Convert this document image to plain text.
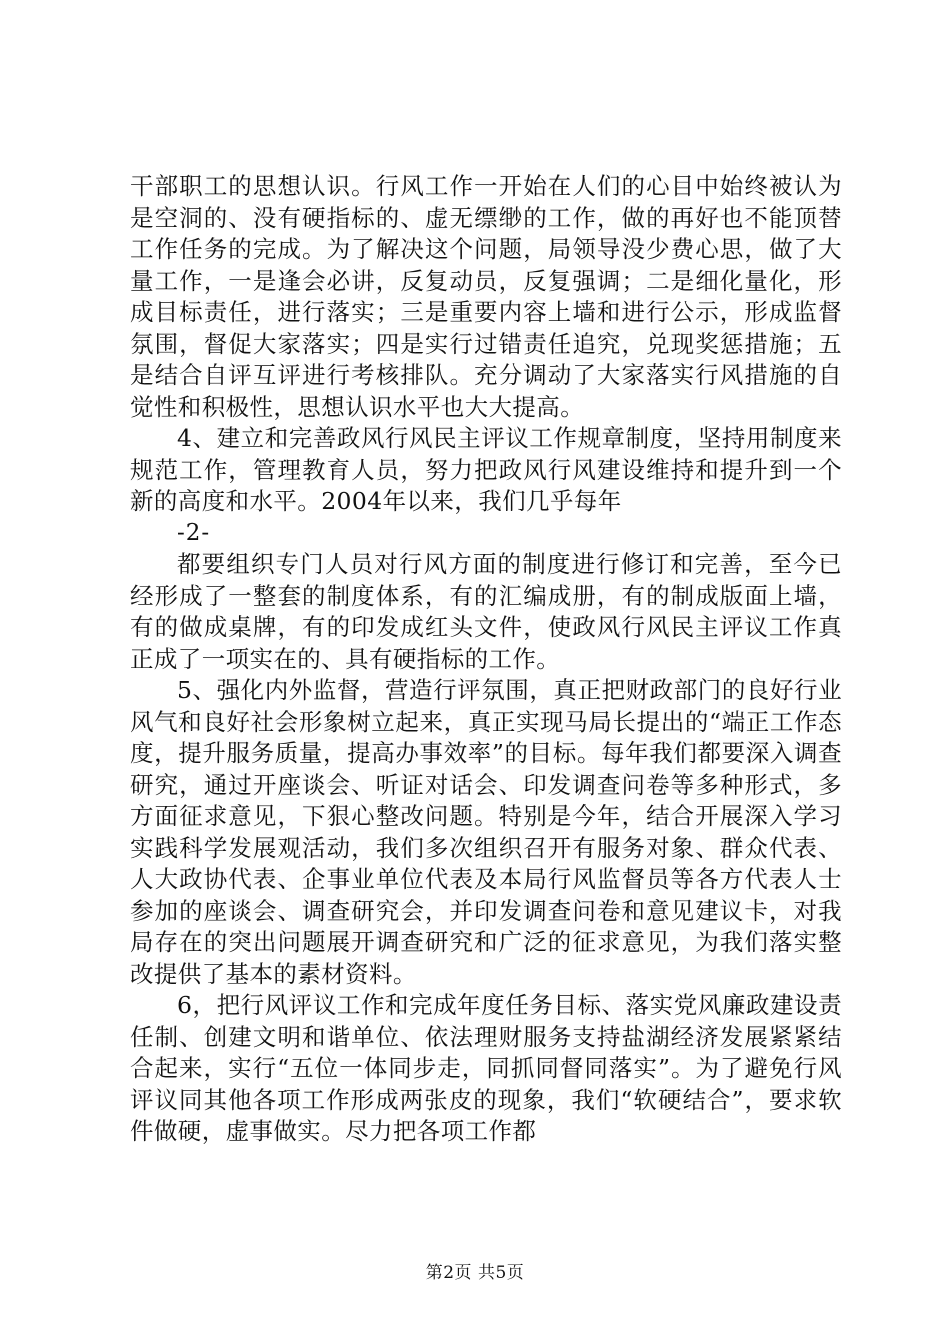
干部职工的思想认识。行风工作一开始在人们的心目中始终被认为是空洞的、没有硬指标的、虚无缥缈的工作，做的再好也不能顶替工作任务的完成。为了解决这个问题，局领导没少费心思，做了大量工作，一是逢会必讲，反复动员，反复强调；二是细化量化，形成目标责任，进行落实；三是重要内容上墙和进行公示，形成监督氛围，督促大家落实；四是实行过错责任追究，兑现奖惩措施；五是结合自评互评进行考核排队。充分调动了大家落实行风措施的自觉性和积极性，思想认识水平也大大提高。

4、建立和完善政风行风民主评议工作规章制度，坚持用制度来规范工作，管理教育人员，努力把政风行风建设维持和提升到一个新的高度和水平。2004年以来，我们几乎每年

-2-

都要组织专门人员对行风方面的制度进行修订和完善，至今已经形成了一整套的制度体系，有的汇编成册，有的制成版面上墙，有的做成桌牌，有的印发成红头文件，使政风行风民主评议工作真正成了一项实在的、具有硬指标的工作。

5、强化内外监督，营造行评氛围，真正把财政部门的良好行业风气和良好社会形象树立起来，真正实现马局长提出的“端正工作态度，提升服务质量，提高办事效率”的目标。每年我们都要深入调查研究，通过开座谈会、听证对话会、印发调查问卷等多种形式，多方面征求意见，下狠心整改问题。特别是今年，结合开展深入学习实践科学发展观活动，我们多次组织召开有服务对象、群众代表、人大政协代表、企事业单位代表及本局行风监督员等各方代表人士参加的座谈会、调查研究会，并印发调查问卷和意见建议卡，对我局存在的突出问题展开调查研究和广泛的征求意见，为我们落实整改提供了基本的素材资料。

6，把行风评议工作和完成年度任务目标、落实党风廉政建设责任制、创建文明和谐单位、依法理财服务支持盐湖经济发展紧紧结合起来，实行“五位一体同步走，同抓同督同落实”。为了避免行风评议同其他各项工作形成两张皮的现象，我们“软硬结合”，要求软件做硬，虚事做实。尽力把各项工作都

第2页 共5页
